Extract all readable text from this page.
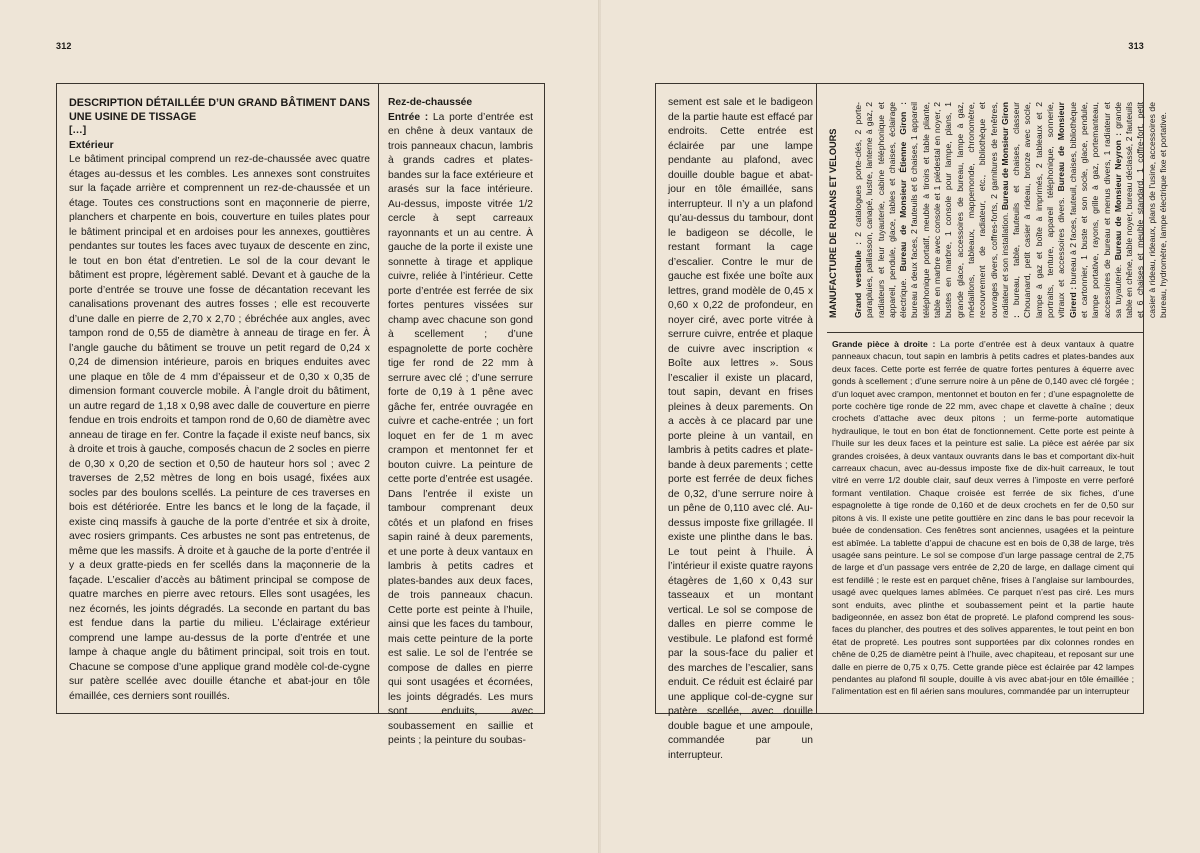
312

DESCRIPTION DÉTAILLÉE D’UN GRAND BÂTIMENT DANS UNE USINE DE TISSAGE

[…]

Extérieur

Le bâtiment principal comprend un rez-de-chaussée avec quatre étages au-dessus et les combles. Les annexes sont construites sur la façade arrière et comprennent un rez-de-chaussée et un étage. Toutes ces constructions sont en maçonnerie de pierre, planchers et charpente en bois, couverture en tuiles plates pour le bâtiment principal et en ardoises pour les annexes, gouttières pendantes sur toutes les faces avec tuyaux de descente en zinc, le tout en bon état d’entretien. Le sol de la cour devant le bâtiment est propre, légèrement sablé. Devant et à gauche de la porte d’entrée se trouve une fosse de décantation recevant les canalisations provenant des autres fosses ; elle est recouverte d’une dalle en pierre de 2,70 x 2,70 ; ébréchée aux angles, avec tampon rond de 0,55 de diamètre à anneau de tirage en fer. À l’angle gauche du bâtiment se trouve un petit regard de 0,24 x 0,24 de dimension intérieure, parois en briques enduites avec une plaque en tôle de 4 mm d’épaisseur et de 0,30 x 0,35 de dimension formant couvercle mobile. À l’angle droit du bâtiment, un autre regard de 1,18 x 0,98 avec dalle de couverture en pierre fendue en trois endroits et tampon rond de 0,60 de diamètre avec anneau de tirage en fer. Contre la façade il existe neuf bancs, six à droite et trois à gauche, composés chacun de 2 socles en pierre de 0,30 x 0,20 de section et 0,50 de hauteur hors sol ; avec 2 traverses de 2,52 mètres de long en bois usagé, fixées aux socles par des boulons scellés. La peinture de ces traverses en bois est détériorée. Entre les bancs et le long de la façade, il existe cinq massifs à gauche de la porte d’entrée et six à droite, avec rosiers grimpants. Ces arbustes ne sont pas entretenus, de même que les massifs. À droite et à gauche de la porte d’entrée il y a deux gratte-pieds en fer scellés dans la maçonnerie de la façade. L’escalier d’accès au bâtiment principal se compose de quatre marches en pierre avec retours. Elles sont usagées, les nez écornés, les joints dégradés. La seconde en partant du bas est fendue dans la partie du milieu. L’éclairage extérieur comprend une lampe au-dessus de la porte d’entrée et une lampe à chaque angle du bâtiment principal, soit trois en tout. Chacune se compose d’une applique grand modèle col-de-cygne sur patère scellée avec douille étanche et abat-jour en tôle émaillée, ces derniers sont rouillés.

Rez-de-chaussée

Entrée : La porte d’entrée est en chêne à deux vantaux de trois panneaux chacun, lambris à grands cadres et plates-bandes sur la face extérieure et arasés sur la face intérieure. Au-dessus, imposte vitrée 1/2 cercle à sept carreaux rayonnants et un au centre. À gauche de la porte il existe une sonnette à tirage et applique cuivre, reliée à l’intérieur. Cette porte d’entrée est ferrée de six fortes pentures vissées sur champ avec chacune son gond à scellement ; d’une espagnolette de porte cochère tige fer rond de 22 mm à serrure avec clé ; d’une serrure forte de 0,19 à 1 pêne avec gâche fer, entrée ouvragée en cuivre et cache-entrée ; un fort loquet en fer de 1 m avec crampon et mentonnet fer et bouton cuivre. La peinture de cette porte d’entrée est usagée. Dans l’entrée il existe un tambour comprenant deux côtés et un plafond en frises sapin rainé à deux parements, et une porte à deux vantaux en lambris à petits cadres et plates-bandes aux deux faces, de trois panneaux chacun. Cette porte est peinte à l’huile, ainsi que les faces du tambour, mais cette peinture de la porte est salie. Le sol de l’entrée se compose de dalles en pierre qui sont usagées et écornées, les joints dégradés. Les murs sont enduits, avec soubassement en saillie et peints ; la peinture du soubas-

313

sement est sale et le badigeon de la partie haute est effacé par endroits. Cette entrée est éclairée par une lampe pendante au plafond, avec douille double bague et abat-jour en tôle émaillée, sans interrupteur. Il n’y a un plafond qu’au-dessus du tambour, dont le badigeon se décolle, le restant formant la cage d’escalier. Contre le mur de gauche est fixée une boîte aux lettres, grand modèle de 0,45 x 0,60 x 0,22 de profondeur, en noyer ciré, avec porte vitrée à serrure cuivre, entrée et plaque de cuivre avec inscription « Boîte aux lettres ». Sous l’escalier il existe un placard, tout sapin, devant en frises pleines à deux parements. On a accès à ce placard par une porte pleine à un vantail, en lambris à petits cadres et plate-bande à deux parements ; cette porte est ferrée de deux fiches de 0,32, d’une serrure noire à un pêne de 0,110 avec clé. Au-dessus imposte fixe grillagée. Il existe une plinthe dans le bas. Le tout peint à l’huile. À l’intérieur il existe quatre rayons étagères de 1,60 x 0,43 sur tasseaux et un montant vertical. Le sol se compose de dalles en pierre comme le vestibule. Le plafond est formé par la sous-face du palier et des marches de l’escalier, sans enduit. Ce réduit est éclairé par une applique col-de-cygne sur patère scellée, avec douille double bague et une ampoule, commandée par un interrupteur.

MANUFACTURE DE RUBANS ET VELOURS Grand vestibule : 2 catalogues porte-clés, 2 porte-parapluies, paillasson, canapé, lustre, lanterne à gaz, 2 radiateurs et leur tuyauterie, cabine téléphonique et appareil, pendule, glace, tables et chaises, éclairage électrique. Bureau de Monsieur Étienne Giron : bureau à deux faces, 2 fauteuils et 6 chaises, 1 appareil téléphonique portatif, meuble à tiroirs et table pliante, table en marbre avec console et 1 piédestal en noyer, 2 bustes en marbre, 1 console pour lampe, plans, 1 grande glace, accessoires de bureau, lampe à gaz, médaillons, tableaux, mappemonde, chronomètre, recouvrement de radiateur, etc., bibliothèque et ouvrages divers, coffres-forts, 2 garnitures de fenêtres, radiateur et son installation. Bureau de Monsieur Giron : bureau, table, fauteuils et chaises, classeur Chouanard, petit casier à rideau, bronze avec socle, lampe à gaz et boîte à imprimés, 2 tableaux et 2 portraits, tenture, appareil téléphonique, sonnerie, vitraux et accessoires divers. Bureau de Monsieur Girerd : bureau à 2 faces, fauteuil, chaises, bibliothèque et cartonnier, 1 buste et son socle, glace, pendule, lampe portative, rayons, grille à gaz, portemanteau, accessoires de bureau et menus divers, 1 radiateur et sa tuyauterie. Bureau de Monsieur Neyron : grande table en chêne, table noyer, bureau déclassé, 2 fauteuils et 6 chaises et meuble standard, 1 coffre-fort, petit casier à rideau, rideaux, plans de l’usine, accessoires de bureau, hydromètre, lampe électrique fixe et portative.

Grande pièce à droite : La porte d’entrée est à deux vantaux à quatre panneaux chacun, tout sapin en lambris à petits cadres et plates-bandes aux deux faces. Cette porte est ferrée de quatre fortes pentures à équerre avec gonds à scellement ; d’une serrure noire à un pêne de 0,140 avec clé forgée ; d’un loquet avec crampon, mentonnet et bouton en fer ; d’une espagnolette de porte cochère tige ronde de 22 mm, avec chape et clavette à chaîne ; deux crochets d’attache avec deux pitons ; un ferme-porte automatique hydraulique, le tout en bon état de fonctionnement. Cette porte est peinte à l’huile sur les deux faces et la peinture est salie. La pièce est aérée par six grandes croisées, à deux vantaux ouvrants dans le bas et comportant dix-huit carreaux chacun, avec au-dessus imposte fixe de dix-huit carreaux, le tout vitré en verre 1/2 double clair, sauf deux verres à l’imposte en verre perforé formant ventilation. Chaque croisée est ferrée de six fiches, d’une espagnolette à tige ronde de 0,160 et de deux crochets en fer de 0,50 sur pitons à vis. Il existe une petite gouttière en zinc dans le bas pour recevoir la buée de condensation. Ces fenêtres sont anciennes, usagées et la peinture est abîmée. La tablette d’appui de chacune est en bois de 0,38 de large, très usagée sans peinture. Le sol se compose d’un large passage central de 2,75 de large et d’un passage vers entrée de 2,20 de large, en dallage ciment qui est fendillé ; le reste est en parquet chêne, frises à l’anglaise sur lambourdes, usagé avec quelques lames abîmées. Ce parquet n’est pas ciré. Les murs sont enduits, avec plinthe et soubassement peint et la partie haute badigeonnée, en assez bon état de propreté. Le plafond comprend les sous-faces du plancher, des poutres et des solives apparentes, le tout peint en bon état de propreté. Les poutres sont supportées par dix colonnes rondes en chêne de 0,25 de diamètre peint à l’huile, avec chapiteau, et reposant sur une dalle en pierre de 0,75 x 0,75. Cette grande pièce est éclairée par 42 lampes pendantes au plafond fil souple, douille à vis avec abat-jour en tôle émaillée ; l’alimentation est en fil aérien sans moulures, commandée par un interrupteur
